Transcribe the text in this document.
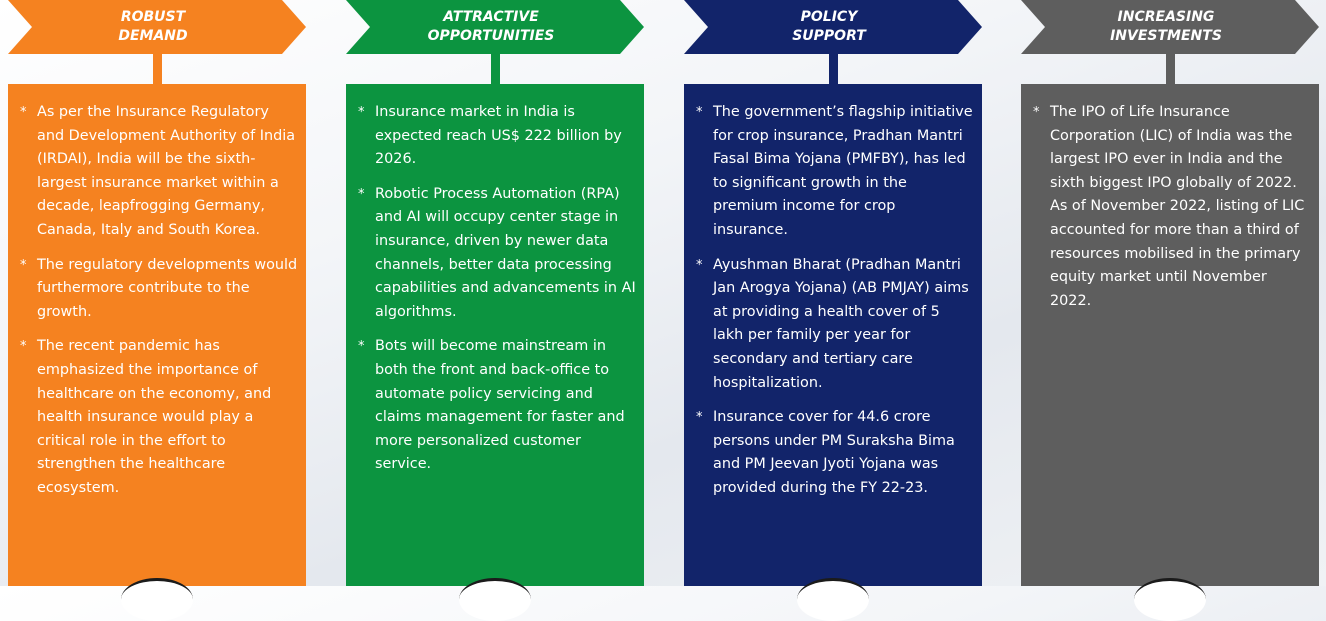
ROBUST
DEMAND
* As per the Insurance Regulatory and Development Authority of India (IRDAI), India will be the sixth-largest insurance market within a decade, leapfrogging Germany, Canada, Italy and South Korea.
* The regulatory developments would furthermore contribute to the growth.
* The recent pandemic has emphasized the importance of healthcare on the economy, and health insurance would play a critical role in the effort to strengthen the healthcare ecosystem.
ATTRACTIVE
OPPORTUNITIES
* Insurance market in India is expected reach US$ 222 billion by 2026.
* Robotic Process Automation (RPA) and AI will occupy center stage in insurance, driven by newer data channels, better data processing capabilities and advancements in AI algorithms.
* Bots will become mainstream in both the front and back-office to automate policy servicing and claims management for faster and more personalized customer service.
POLICY
SUPPORT
* The government’s flagship initiative for crop insurance, Pradhan Mantri Fasal Bima Yojana (PMFBY), has led to significant growth in the premium income for crop insurance.
* Ayushman Bharat (Pradhan Mantri Jan Arogya Yojana) (AB PMJAY) aims at providing a health cover of 5 lakh per family per year for secondary and tertiary care hospitalization.
* Insurance cover for 44.6 crore persons under PM Suraksha Bima and PM Jeevan Jyoti Yojana was provided during the FY 22-23.
INCREASING
INVESTMENTS
* The IPO of Life Insurance Corporation (LIC) of India was the largest IPO ever in India and the sixth biggest IPO globally of 2022. As of November 2022, listing of LIC accounted for more than a third of resources mobilised in the primary equity market until November 2022.
